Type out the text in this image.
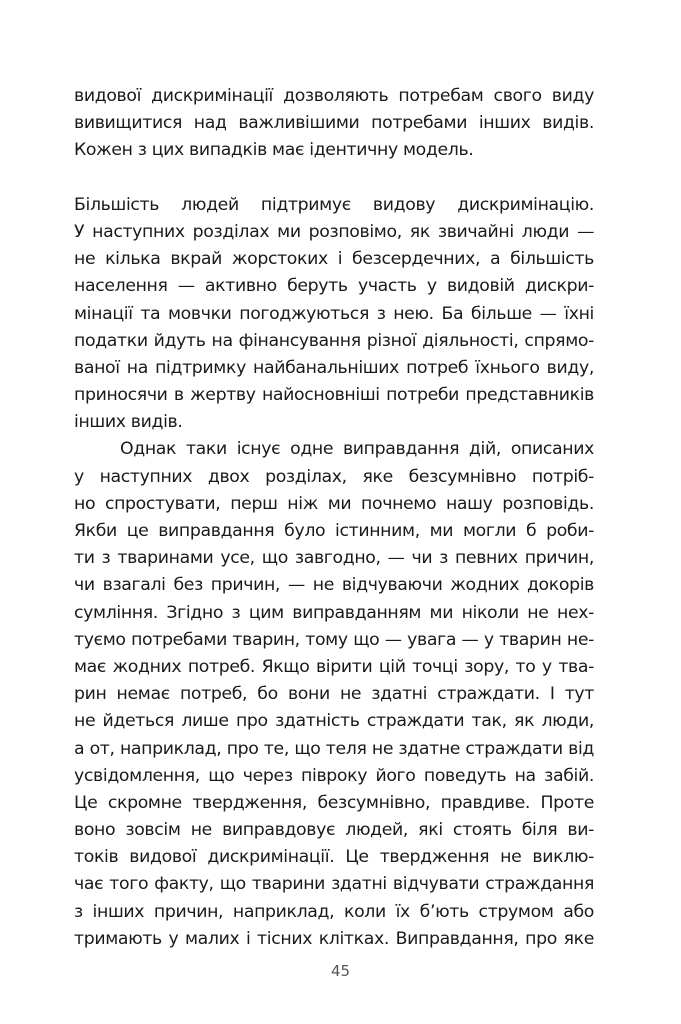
видової дискримінації дозволяють потребам свого виду
вивищитися над важливішими потребами інших видів.
Кожен з цих випадків має ідентичну модель.
Більшість людей підтримує видову дискримінацію.
У наступних розділах ми розповімо, як звичайні люди —
не кілька вкрай жорстоких і безсердечних, а більшість
населення — активно беруть участь у видовій дискри-
мінації та мовчки погоджуються з нею. Ба більше — їхні
податки йдуть на фінансування різної діяльності, спрямо-
ваної на підтримку найбанальніших потреб їхнього виду,
приносячи в жертву найосновніші потреби представників
інших видів.
Однак таки існує одне виправдання дій, описаних
у наступних двох розділах, яке безсумнівно потріб-
но спростувати, перш ніж ми почнемо нашу розповідь.
Якби це виправдання було істинним, ми могли б роби-
ти з тваринами усе, що завгодно, — чи з певних причин,
чи взагалі без причин, — не відчуваючи жодних докорів
сумління. Згідно з цим виправданням ми ніколи не нех-
туємо потребами тварин, тому що — увага — у тварин не-
має жодних потреб. Якщо вірити цій точці зору, то у тва-
рин немає потреб, бо вони не здатні страждати. І тут
не йдеться лише про здатність страждати так, як люди,
а от, наприклад, про те, що теля не здатне страждати від
усвідомлення, що через півроку його поведуть на забій.
Це скромне твердження, безсумнівно, правдиве. Проте
воно зовсім не виправдовує людей, які стоять біля ви-
токів видової дискримінації. Це твердження не виклю-
чає того факту, що тварини здатні відчувати страждання
з інших причин, наприклад, коли їх б’ють струмом або
тримають у малих і тісних клітках. Виправдання, про яке
45
